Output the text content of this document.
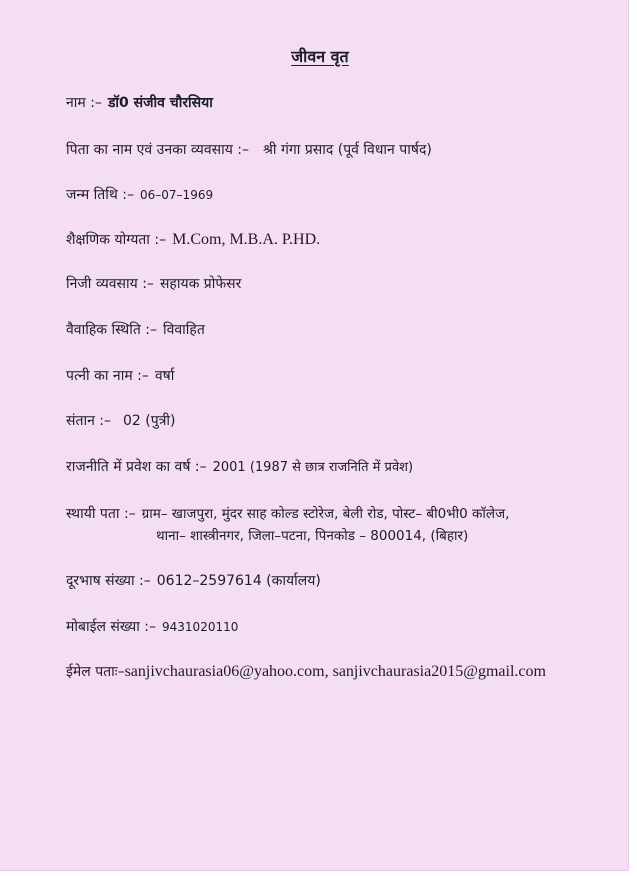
जीवन वृत
नाम :– डॉ0 संजीव चौरसिया
पिता का नाम एवं उनका व्यवसाय :– श्री गंगा प्रसाद (पूर्व विधान पार्षद)
जन्म तिथि :– 06–07–1969
शैक्षणिक योग्यता :– M.Com, M.B.A. P.HD.
निजी व्यवसाय :– सहायक प्रोफेसर
वैवाहिक स्थिति :– विवाहित
पत्नी का नाम :– वर्षा
संतान :– 02 (पुत्री)
राजनीति में प्रवेश का वर्ष :– 2001 (1987 से छात्र राजनिति में प्रवेश)
स्थायी पता :– ग्राम– खाजपुरा, मुंदर साह कोल्ड स्टोरेज, बेली रोड, पोस्ट– बी0भी0 कॉलेज,
थाना– शास्त्रीनगर, जिला–पटना, पिनकोड – 800014, (बिहार)
दूरभाष संख्या :– 0612–2597614 (कार्यालय)
मोबाईल संख्या :– 9431020110
ईमेल पताः–sanjivchaurasia06@yahoo.com, sanjivchaurasia2015@gmail.com
